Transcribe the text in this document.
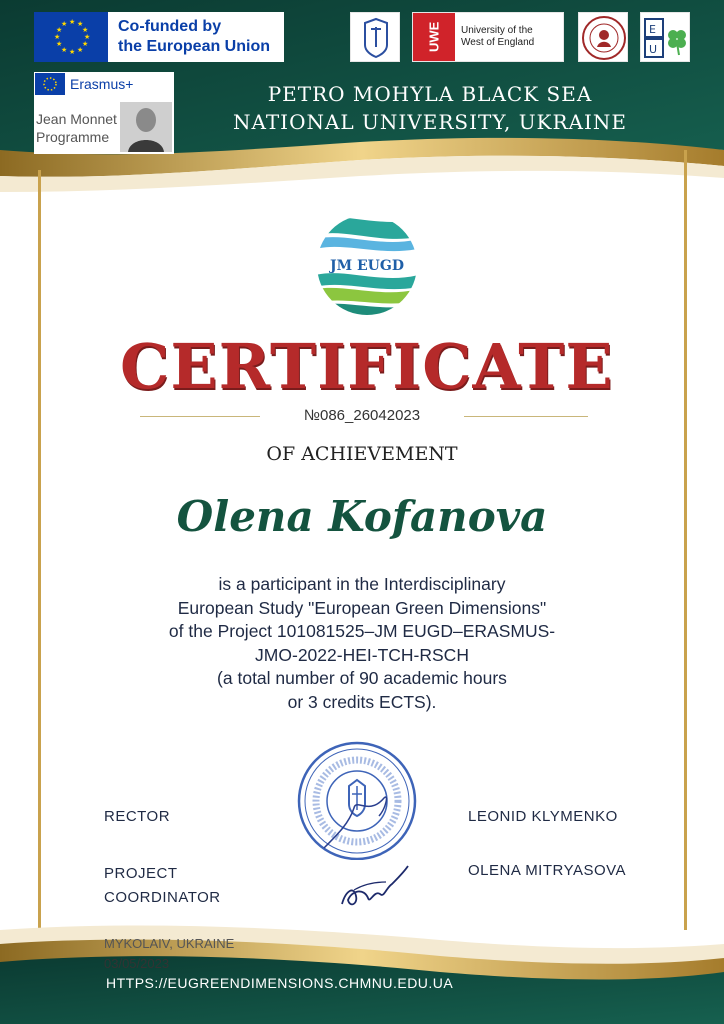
★ ★
★
★
★
★
★
★
★
★
★
★	Co-funded by
the European Union
Erasmus+
Jean Monnet
Programme
UWE	University of the
West of England
E
U
PETRO MOHYLA BLACK SEA
NATIONAL UNIVERSITY, UKRAINE
JM EUGD
CERTIFICATE
№086_26042023
OF ACHIEVEMENT
Olena Kofanova
is a participant in the Interdisciplinary
European Study "European Green Dimensions"
of the Project 101081525–JM EUGD–ERASMUS-
JMO-2022-HEI-TCH-RSCH
(a total number of 90 academic hours
or 3 credits ECTS).
RECTOR	LEONID KLYMENKO
PROJECT
COORDINATOR
OLENA MITRYASOVA
MYKOLAIV, UKRAINE
03/05/2023
HTTPS://EUGREENDIMENSIONS.CHMNU.EDU.UA
